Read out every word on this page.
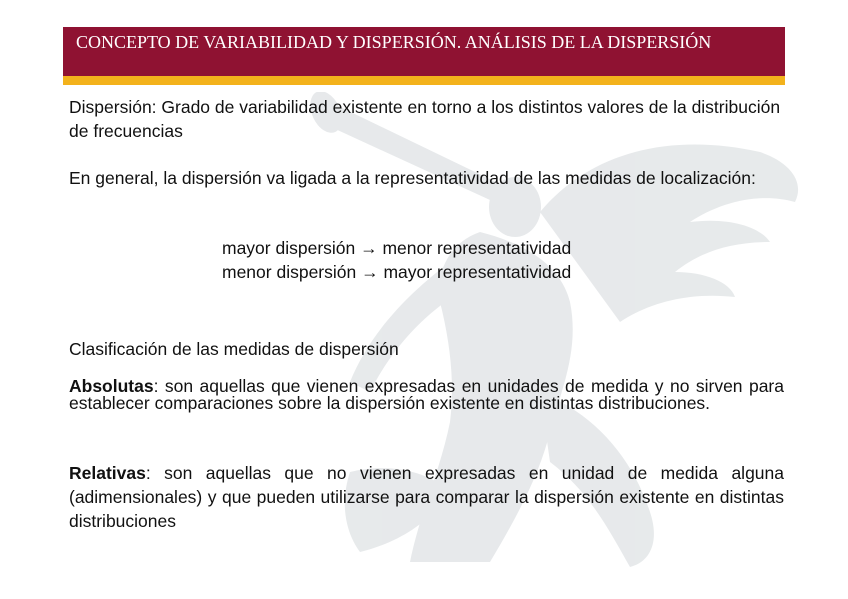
CONCEPTO DE VARIABILIDAD Y DISPERSIÓN. ANÁLISIS DE LA DISPERSIÓN

Dispersión: Grado de variabilidad existente en torno a los distintos valores de la distribución de frecuencias

En general, la dispersión va ligada a la representatividad de las medidas de localización:

mayor dispersión → menor representatividad

menor dispersión → mayor representatividad

Clasificación de las medidas de dispersión

Absolutas: son aquellas que vienen expresadas en unidades de medida y no sirven para establecer comparaciones sobre la dispersión existente en distintas distribuciones.

Relativas: son aquellas que no vienen expresadas en unidad de medida alguna (adimensionales) y que pueden utilizarse para comparar la dispersión existente en distintas distribuciones
